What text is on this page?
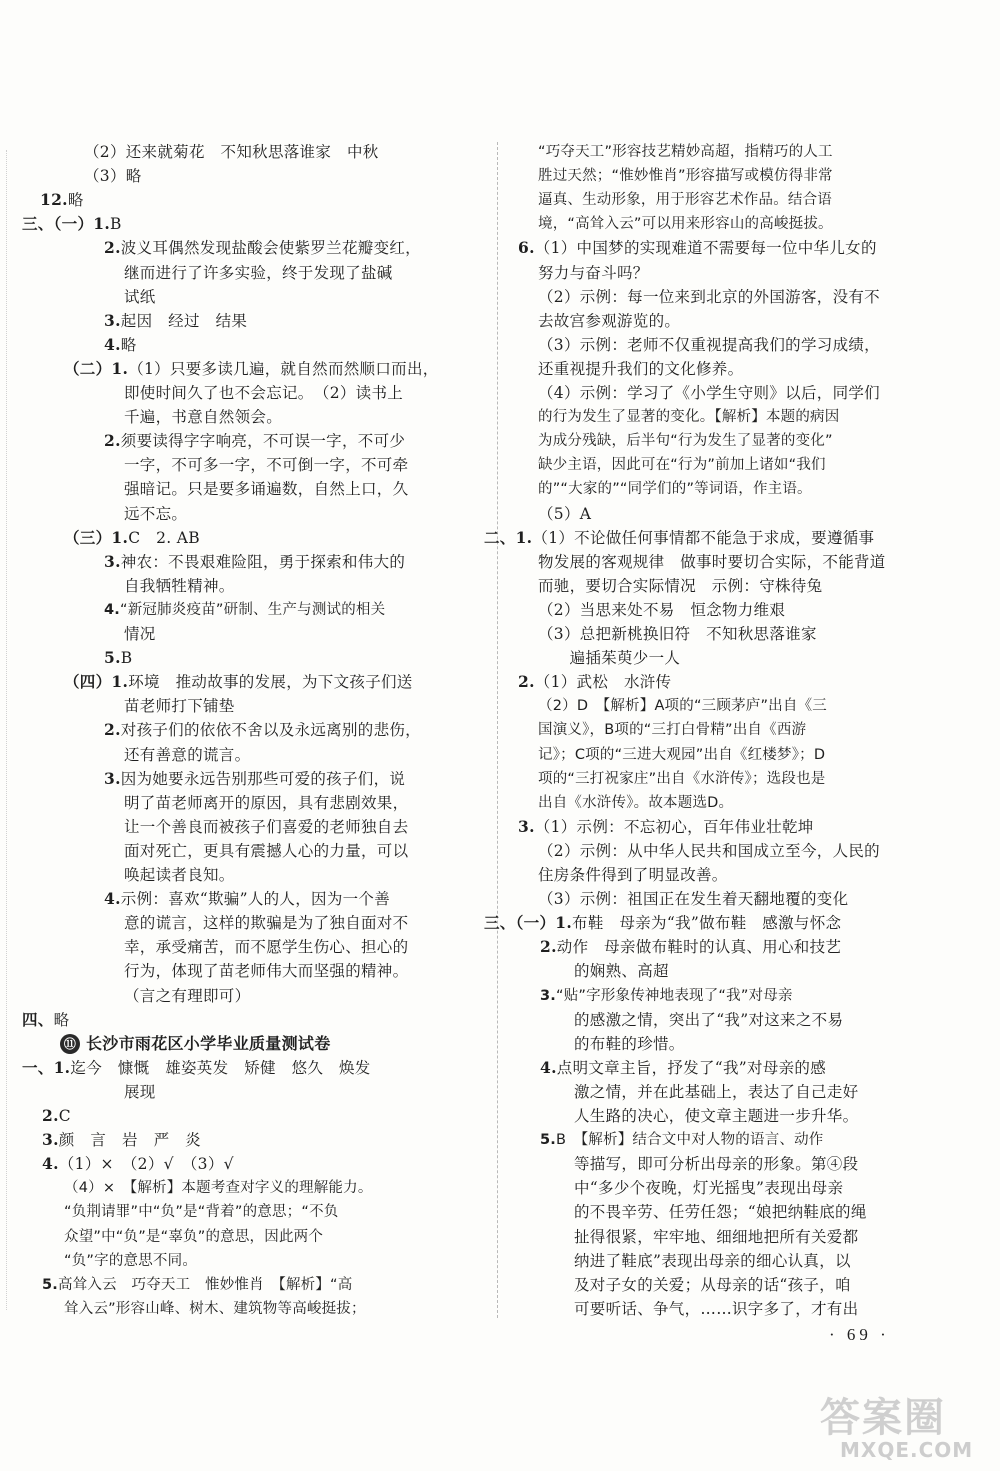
（2）还来就菊花　不知秋思落谁家　中秋
（3）略
12.略
三、（一）1.B
2.波义耳偶然发现盐酸会使紫罗兰花瓣变红，
继而进行了许多实验，终于发现了盐碱
试纸
3.起因　经过　结果
4.略
（二）1.（1）只要多读几遍，就自然而然顺口而出，
即使时间久了也不会忘记。　（2）读书上
千遍，书意自然领会。
2.须要读得字字响亮，不可误一字，不可少
一字，不可多一字，不可倒一字，不可牵
强暗记。只是要多诵遍数，自然上口，久
远不忘。
（三）1.C　2. AB
3.神农：不畏艰难险阻，勇于探索和伟大的
自我牺牲精神。
4.“新冠肺炎疫苗”研制、生产与测试的相关
情况
5.B
（四）1.环境　推动故事的发展，为下文孩子们送
苗老师打下铺垫
2.对孩子们的依依不舍以及永远离别的悲伤，
还有善意的谎言。
3.因为她要永远告别那些可爱的孩子们，说
明了苗老师离开的原因，具有悲剧效果，
让一个善良而被孩子们喜爱的老师独自去
面对死亡，更具有震撼人心的力量，可以
唤起读者良知。
4.示例：喜欢“欺骗”人的人，因为一个善
意的谎言，这样的欺骗是为了独自面对不
幸，承受痛苦，而不愿学生伤心、担心的
行为，体现了苗老师伟大而坚强的精神。
（言之有理即可）
四、略
⑪ 长沙市雨花区小学毕业质量测试卷
一、1.迄今　慷慨　雄姿英发　矫健　悠久　焕发
展现
2.C
3.颜　言　岩　严　炎
4.（1）×　（2）√　（3）√
（4）×　【解析】本题考查对字义的理解能力。
“负荆请罪”中“负”是“背着”的意思；“不负
众望”中“负”是“辜负”的意思，因此两个
“负”字的意思不同。
5.高耸入云　巧夺天工　惟妙惟肖　【解析】“高
耸入云”形容山峰、树木、建筑物等高峻挺拔；
“巧夺天工”形容技艺精妙高超，指精巧的人工
胜过天然；“惟妙惟肖”形容描写或模仿得非常
逼真、生动形象，用于形容艺术作品。结合语
境，“高耸入云”可以用来形容山的高峻挺拔。
6.（1）中国梦的实现难道不需要每一位中华儿女的
努力与奋斗吗？
（2）示例：每一位来到北京的外国游客，没有不
去故宫参观游览的。
（3）示例：老师不仅重视提高我们的学习成绩，
还重视提升我们的文化修养。
（4）示例：学习了《小学生守则》以后，同学们
的行为发生了显著的变化。【解析】本题的病因
为成分残缺，后半句“行为发生了显著的变化”
缺少主语，因此可在“行为”前加上诸如“我们
的”“大家的”“同学们的”等词语，作主语。
（5）A
二、1.（1）不论做任何事情都不能急于求成，要遵循事
物发展的客观规律　做事时要切合实际，不能背道
而驰，要切合实际情况　示例：守株待兔
（2）当思来处不易　恒念物力维艰
（3）总把新桃换旧符　不知秋思落谁家
　　遍插茱萸少一人
2.（1）武松　水浒传
（2）D　【解析】A项的“三顾茅庐”出自《三
国演义》，B项的“三打白骨精”出自《西游
记》；C项的“三进大观园”出自《红楼梦》；D
项的“三打祝家庄”出自《水浒传》；选段也是
出自《水浒传》。故本题选D。
3.（1）示例：不忘初心，百年伟业壮乾坤
（2）示例：从中华人民共和国成立至今，人民的
住房条件得到了明显改善。
（3）示例：祖国正在发生着天翻地覆的变化
三、（一）1.布鞋　母亲为“我”做布鞋　感激与怀念
2.动作　母亲做布鞋时的认真、用心和技艺
的娴熟、高超
3.“贴”字形象传神地表现了“我”对母亲
的感激之情，突出了“我”对这来之不易
的布鞋的珍惜。
4.点明文章主旨，抒发了“我”对母亲的感
激之情，并在此基础上，表达了自己走好
人生路的决心，使文章主题进一步升华。
5.B　【解析】结合文中对人物的语言、动作
等描写，即可分析出母亲的形象。第④段
中“多少个夜晚，灯光摇曳”表现出母亲
的不畏辛劳、任劳任怨；“娘把纳鞋底的绳
扯得很紧，牢牢地、细细地把所有关爱都
纳进了鞋底”表现出母亲的细心认真，以
及对子女的关爱；从母亲的话“孩子，咱
可要听话、争气，……识字多了，才有出
· 69 ·
答案圈
MXQE.COM
